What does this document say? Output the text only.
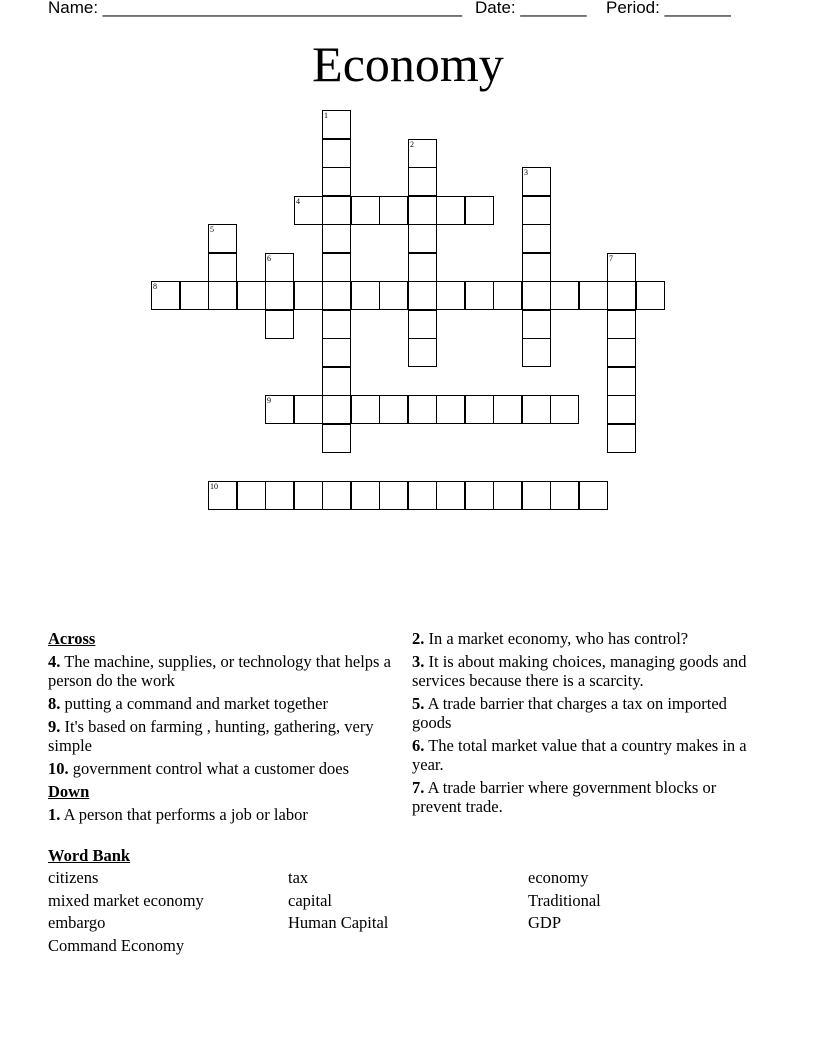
Name: ______________________________________ Date: _______ Period: _______
Economy
4
8
9
10
1
2
3
5
6	7
Across
4. The machine, supplies, or technology that helps a person do the work
8. putting a command and market together
9. It's based on farming , hunting, gathering, very simple
10. government control what a customer does
Down
1. A person that performs a job or labor
2. In a market economy, who has control?
3. It is about making choices, managing goods and services because there is a scarcity.
5. A trade barrier that charges a tax on imported goods
6. The total market value that a country makes in a year.
7. A trade barrier where government blocks or prevent trade.
Word Bank
citizens
mixed market economy
embargo
Command Economy
tax
capital
Human Capital
economy
Traditional
GDP
